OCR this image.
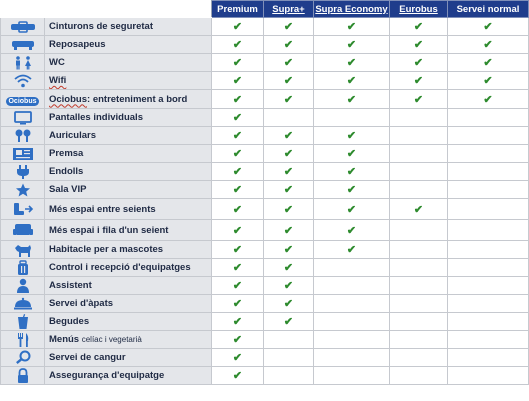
		Premium	Supra+	Supra Economy	Eurobus	Servei normal

	Cinturons de seguretat	✔	✔	✔	✔	✔

	Reposapeus	✔	✔	✔	✔	✔

	WC	✔	✔	✔	✔	✔

	Wifi	✔	✔	✔	✔	✔
Ociobus	Ociobus: entreteniment a bord	✔	✔	✔	✔	✔

	Pantalles individuals	✔				

	Auriculars	✔	✔	✔		

	Premsa	✔	✔	✔		

	Endolls	✔	✔	✔		

	Sala VIP	✔	✔	✔		

	Més espai entre seients	✔	✔	✔	✔	

	Més espai i fila d'un seient	✔	✔	✔		

	Habitacle per a mascotes	✔	✔	✔		

	Control i recepció d'equipatges	✔	✔			

	Assistent	✔	✔			

	Servei d'àpats	✔	✔			

	Begudes	✔	✔			

	Menús celíac i vegetarià	✔				

	Servei de cangur	✔				

	Assegurança d'equipatge	✔				
